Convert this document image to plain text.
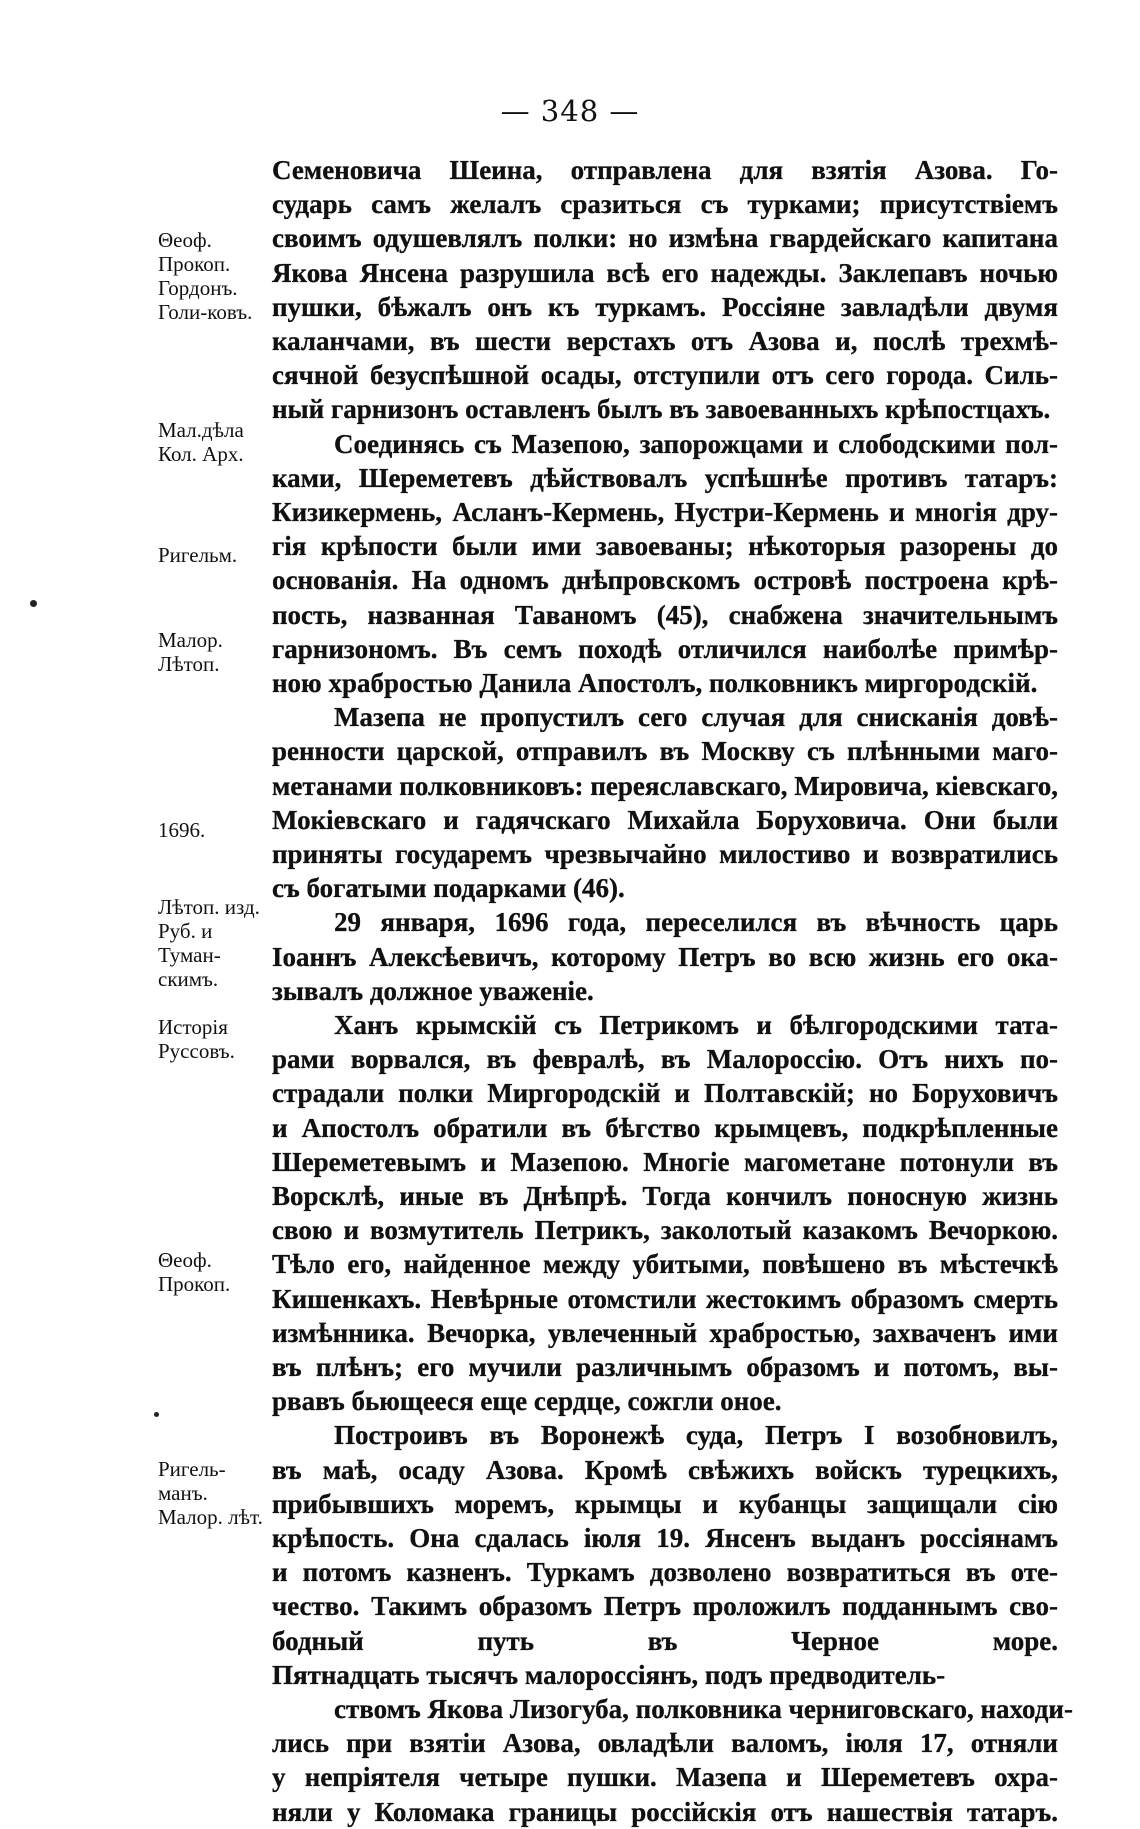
— 348 —
Θеоф. Прокоп. Гордонъ. Голи-ковъ.
Мал.дѣла Кол. Арх.
Ригельм.
Малор. Лѣтоп.
1696.
Лѣтоп. изд. Руб. и Туман-скимъ.
Исторія Руссовъ.
Θеоф. Прокоп.
Ригель-манъ. Малор. лѣт.
Семеновича Шеина, отправлена для взятія Азова. Го-
сударь самъ желалъ сразиться съ турками; присутствіемъ
своимъ одушевлялъ полки: но измѣна гвардейскаго капитана
Якова Янсена разрушила всѣ его надежды. Заклепавъ ночью
пушки, бѣжалъ онъ къ туркамъ. Россіяне завладѣли двумя
каланчами, въ шести верстахъ отъ Азова и, послѣ трехмѣ-
сячной безуспѣшной осады, отступили отъ сего города. Силь-
ный гарнизонъ оставленъ былъ въ завоеванныхъ крѣпостцахъ.
Соединясь съ Мазепою, запорожцами и слободскими пол-
ками, Шереметевъ дѣйствовалъ успѣшнѣе противъ татаръ:
Кизикермень, Асланъ-Кермень, Нустри-Кермень и многія дру-
гія крѣпости были ими завоеваны; нѣкоторыя разорены до
основанія. На одномъ днѣпровскомъ островѣ построена крѣ-
пость, названная Таваномъ (45), снабжена значительнымъ
гарнизономъ. Въ семъ походѣ отличился наиболѣе примѣр-
ною храбростью Данила Апостолъ, полковникъ миргородскій.
Мазепа не пропустилъ сего случая для снисканія довѣ-
ренности царской, отправилъ въ Москву съ плѣнными маго-
метанами полковниковъ: переяславскаго, Мировича, кіевскаго,
Мокіевскаго и гадячскаго Михайла Боруховича. Они были
приняты государемъ чрезвычайно милостиво и возвратились
съ богатыми подарками (46).
29 января, 1696 года, переселился въ вѣчность царь
Іоаннъ Алексѣевичъ, которому Петръ во всю жизнь его ока-
зывалъ должное уваженіе.
Ханъ крымскій съ Петрикомъ и бѣлгородскими тата-
рами ворвался, въ февралѣ, въ Малороссію. Отъ нихъ по-
страдали полки Миргородскій и Полтавскій; но Боруховичъ
и Апостолъ обратили въ бѣгство крымцевъ, подкрѣпленные
Шереметевымъ и Мазепою. Многіе магометане потонули въ
Ворсклѣ, иные въ Днѣпрѣ. Тогда кончилъ поносную жизнь
свою и возмутитель Петрикъ, заколотый казакомъ Вечоркою.
Тѣло его, найденное между убитыми, повѣшено въ мѣстечкѣ
Кишенкахъ. Невѣрные отомстили жестокимъ образомъ смерть
измѣнника. Вечорка, увлеченный храбростью, захваченъ ими
въ плѣнъ; его мучили различнымъ образомъ и потомъ, вы-
рвавъ бьющееся еще сердце, сожгли оное.
Построивъ въ Воронежѣ суда, Петръ I возобновилъ,
въ маѣ, осаду Азова. Кромѣ свѣжихъ войскъ турецкихъ,
прибывшихъ моремъ, крымцы и кубанцы защищали сію
крѣпость. Она сдалась іюля 19. Янсенъ выданъ россіянамъ
и потомъ казненъ. Туркамъ дозволено возвратиться въ оте-
чество. Такимъ образомъ Петръ проложилъ подданнымъ сво-
бодный путь въ Черное море.
Пятнадцать тысячъ малороссіянъ, подъ предводитель-
ствомъ Якова Лизогуба, полковника черниговскаго, находи-
лись при взятіи Азова, овладѣли валомъ, іюля 17, отняли
у непріятеля четыре пушки. Мазепа и Шереметевъ охра-
няли у Коломака границы россійскія отъ нашествія татаръ.
